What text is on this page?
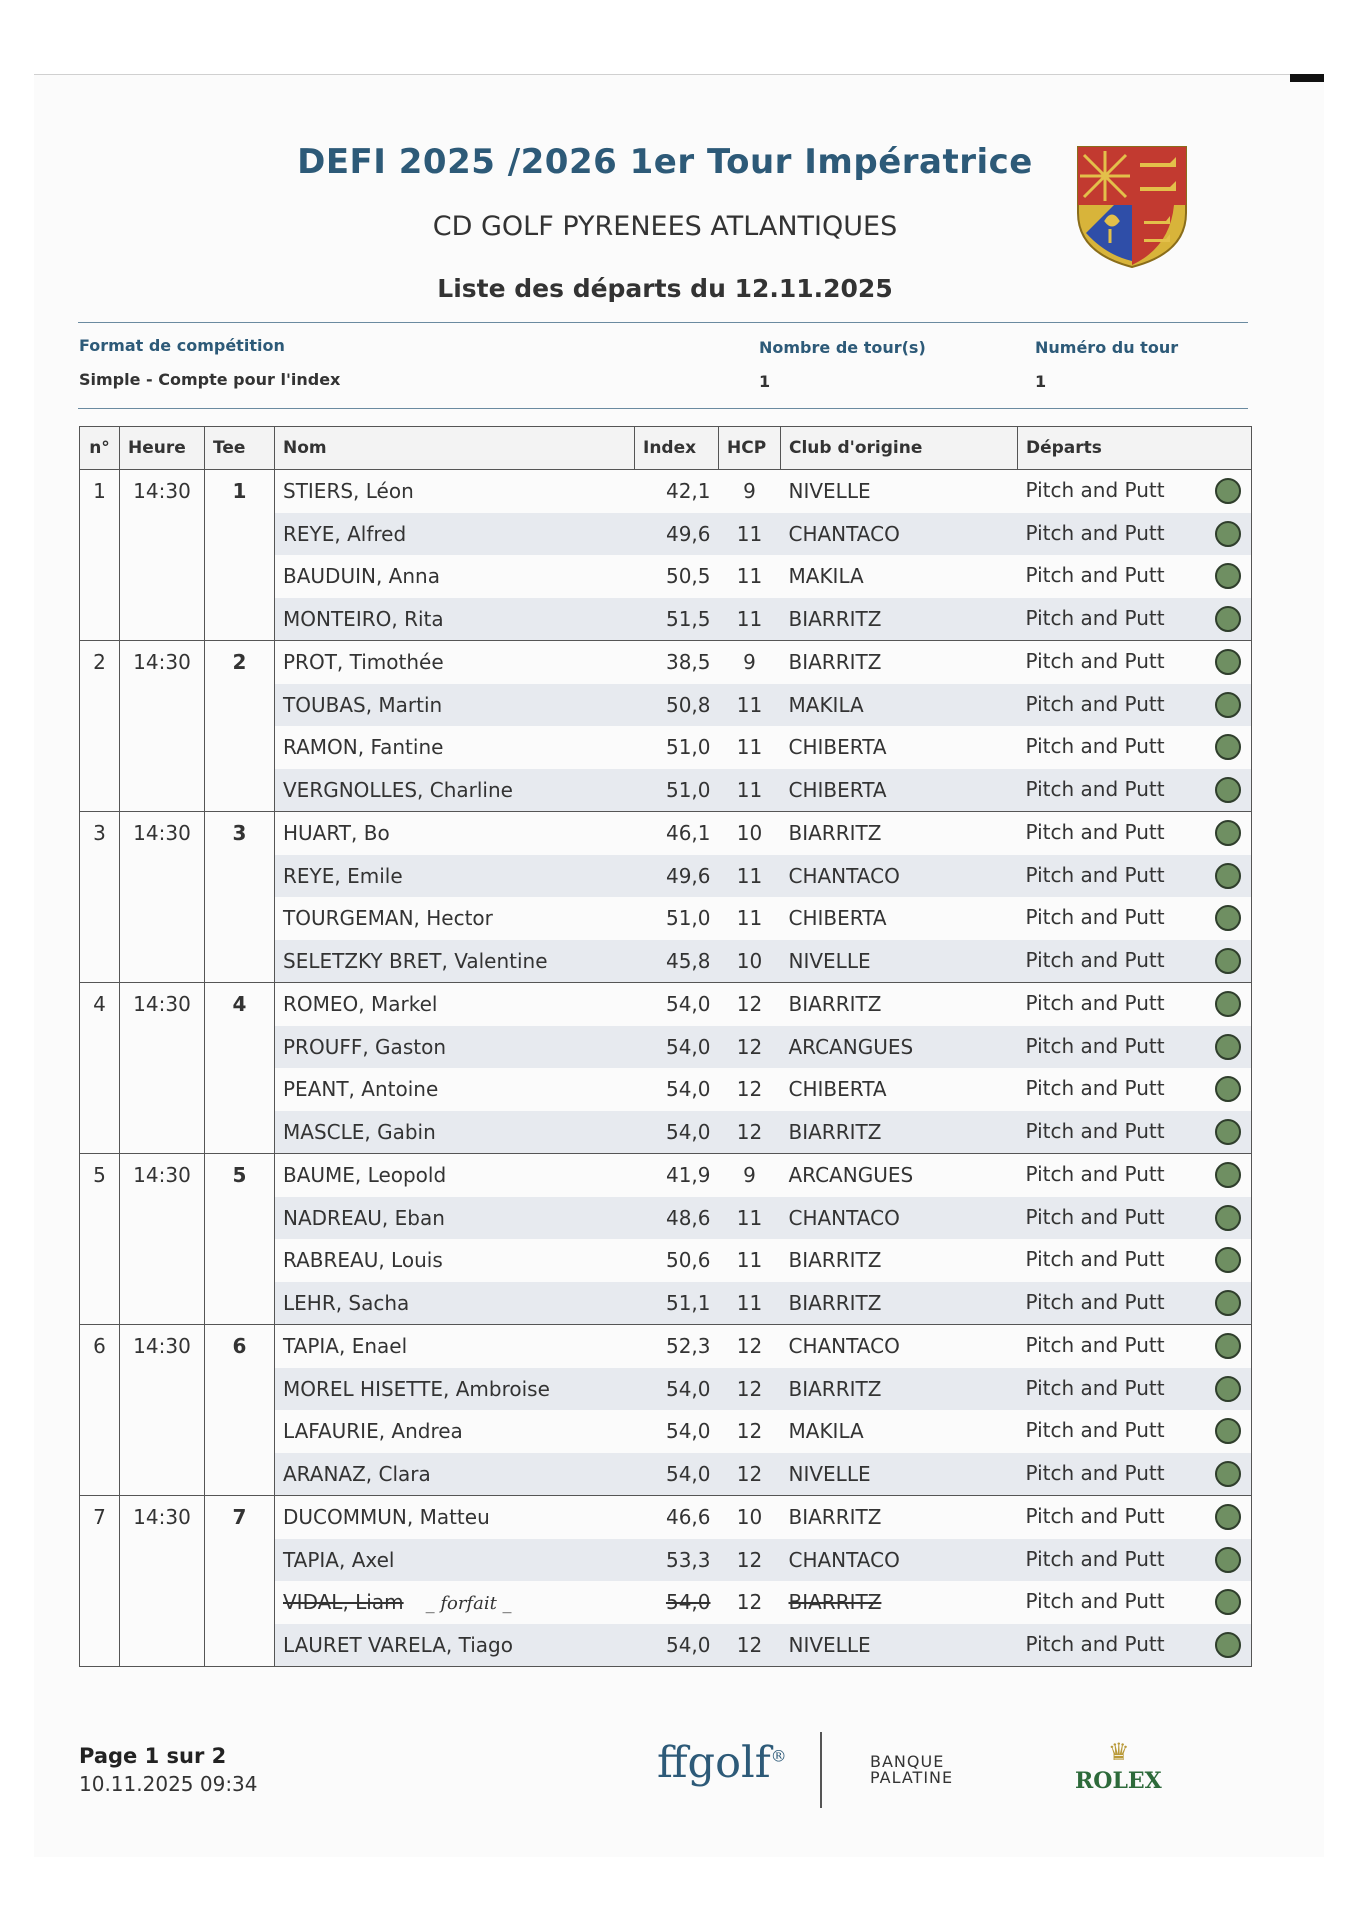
DEFI 2025 /2026 1er Tour Impératrice
CD GOLF PYRENEES ATLANTIQUES
Liste des départs du 12.11.2025
Format de compétition
Simple - Compte pour l'index
Nombre de tour(s)
1
Numéro du tour
1
n°	Heure	Tee	Nom	Index	HCP	Club d'origine	Départs
1	14:30	1	STIERS, Léon	42,1	9	NIVELLE	Pitch and Putt

			REYE, Alfred	49,6	11	CHANTACO	Pitch and Putt

			BAUDUIN, Anna	50,5	11	MAKILA	Pitch and Putt

			MONTEIRO, Rita	51,5	11	BIARRITZ	Pitch and Putt

2	14:30	2	PROT, Timothée	38,5	9	BIARRITZ	Pitch and Putt

			TOUBAS, Martin	50,8	11	MAKILA	Pitch and Putt

			RAMON, Fantine	51,0	11	CHIBERTA	Pitch and Putt

			VERGNOLLES, Charline	51,0	11	CHIBERTA	Pitch and Putt

3	14:30	3	HUART, Bo	46,1	10	BIARRITZ	Pitch and Putt

			REYE, Emile	49,6	11	CHANTACO	Pitch and Putt

			TOURGEMAN, Hector	51,0	11	CHIBERTA	Pitch and Putt

			SELETZKY BRET, Valentine	45,8	10	NIVELLE	Pitch and Putt

4	14:30	4	ROMEO, Markel	54,0	12	BIARRITZ	Pitch and Putt

			PROUFF, Gaston	54,0	12	ARCANGUES	Pitch and Putt

			PEANT, Antoine	54,0	12	CHIBERTA	Pitch and Putt

			MASCLE, Gabin	54,0	12	BIARRITZ	Pitch and Putt

5	14:30	5	BAUME, Leopold	41,9	9	ARCANGUES	Pitch and Putt

			NADREAU, Eban	48,6	11	CHANTACO	Pitch and Putt

			RABREAU, Louis	50,6	11	BIARRITZ	Pitch and Putt

			LEHR, Sacha	51,1	11	BIARRITZ	Pitch and Putt

6	14:30	6	TAPIA, Enael	52,3	12	CHANTACO	Pitch and Putt

			MOREL HISETTE, Ambroise	54,0	12	BIARRITZ	Pitch and Putt

			LAFAURIE, Andrea	54,0	12	MAKILA	Pitch and Putt

			ARANAZ, Clara	54,0	12	NIVELLE	Pitch and Putt

7	14:30	7	DUCOMMUN, Matteu	46,6	10	BIARRITZ	Pitch and Putt

			TAPIA, Axel	53,3	12	CHANTACO	Pitch and Putt

			VIDAL, Liam _ forfait _	54,0	12	BIARRITZ	Pitch and Putt

			LAURET VARELA, Tiago	54,0	12	NIVELLE	Pitch and Putt
Page 1 sur 2
10.11.2025 09:34	ffgolf®	BANQUE
PALATINE
♛
ROLEX
